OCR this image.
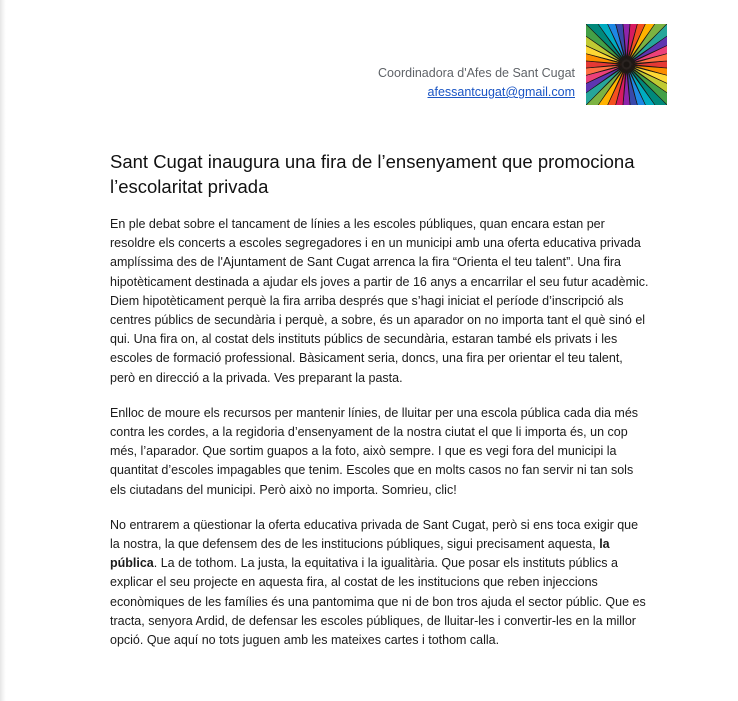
Coordinadora d'Afes de Sant Cugat
afessantcugat@gmail.com
Sant Cugat inaugura una fira de l’ensenyament que promociona l’escolaritat privada

En ple debat sobre el tancament de línies a les escoles públiques, quan encara estan per resoldre els concerts a escoles segregadores i en un municipi amb una oferta educativa privada amplíssima des de l'Ajuntament de Sant Cugat arrenca la fira “Orienta el teu talent”. Una fira hipotèticament destinada a ajudar els joves a partir de 16 anys a encarrilar el seu futur acadèmic. Diem hipotèticament perquè la fira arriba després que s’hagi iniciat el període d’inscripció als centres públics de secundària i perquè, a sobre, és un aparador on no importa tant el què sinó el qui. Una fira on, al costat dels instituts públics de secundària, estaran també els privats i les escoles de formació professional. Bàsicament seria, doncs, una fira per orientar el teu talent, però en direcció a la privada. Ves preparant la pasta.

Enlloc de moure els recursos per mantenir línies, de lluitar per una escola pública cada dia més contra les cordes, a la regidoria d’ensenyament de la nostra ciutat el que li importa és, un cop més, l’aparador. Que sortim guapos a la foto, això sempre. I que es vegi fora del municipi la quantitat d’escoles impagables que tenim. Escoles que en molts casos no fan servir ni tan sols els ciutadans del municipi. Però això no importa. Somrieu, clic!

No entrarem a qüestionar la oferta educativa privada de Sant Cugat, però si ens toca exigir que la nostra, la que defensem des de les institucions públiques, sigui precisament aquesta, la pública. La de tothom. La justa, la equitativa i la igualitària. Que posar els instituts públics a explicar el seu projecte en aquesta fira, al costat de les institucions que reben injeccions econòmiques de les famílies és una pantomima que ni de bon tros ajuda el sector públic. Que es tracta, senyora Ardid, de defensar les escoles públiques, de lluitar-les i convertir-les en la millor opció. Que aquí no tots juguen amb les mateixes cartes i tothom calla.
